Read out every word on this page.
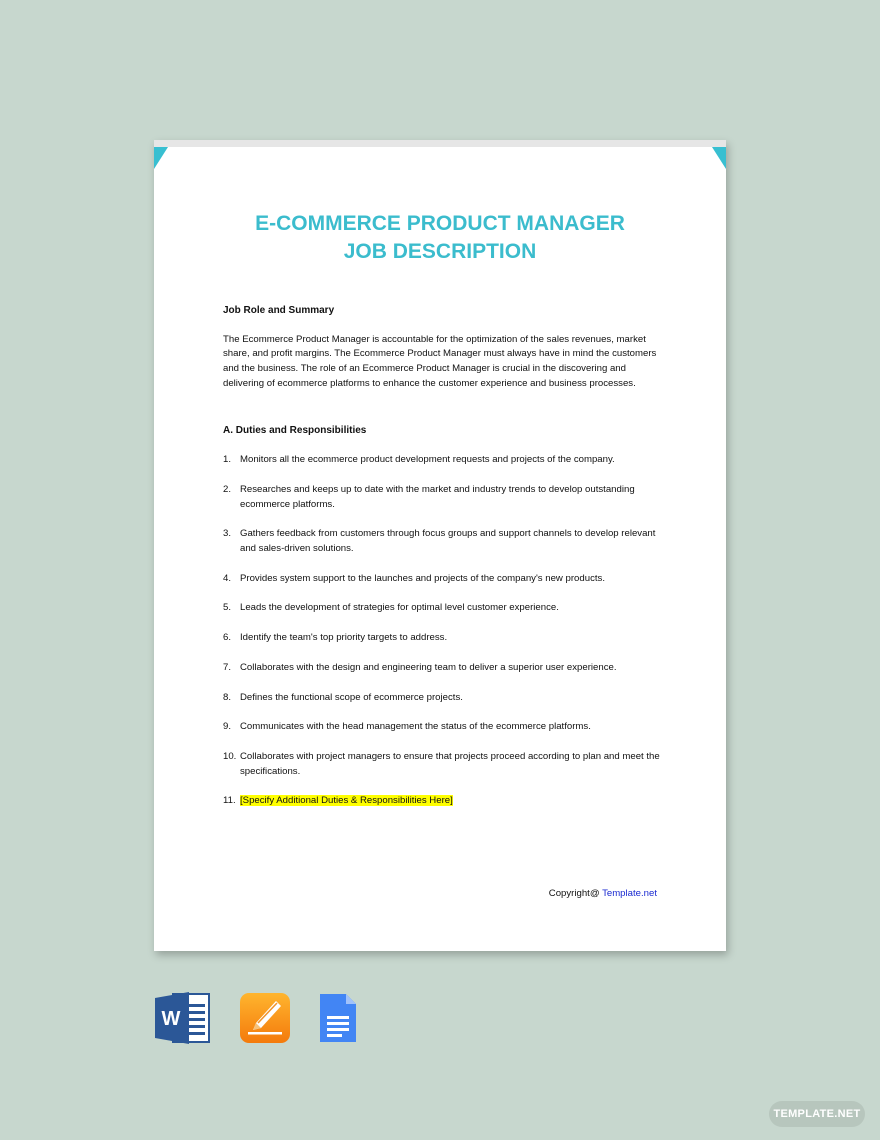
E-COMMERCE PRODUCT MANAGER
JOB DESCRIPTION

Job Role and Summary

The Ecommerce Product Manager is accountable for the optimization of the sales revenues, market share, and profit margins. The Ecommerce Product Manager must always have in mind the customers and the business. The role of an Ecommerce Product Manager is crucial in the discovering and delivering of ecommerce platforms to enhance the customer experience and business processes.

A. Duties and Responsibilities

1. Monitors all the ecommerce product development requests and projects of the company.
2. Researches and keeps up to date with the market and industry trends to develop outstanding ecommerce platforms.
3. Gathers feedback from customers through focus groups and support channels to develop relevant and sales-driven solutions.
4. Provides system support to the launches and projects of the company's new products.
5. Leads the development of strategies for optimal level customer experience.
6. Identify the team's top priority targets to address.
7. Collaborates with the design and engineering team to deliver a superior user experience.
8. Defines the functional scope of ecommerce projects.
9. Communicates with the head management the status of the ecommerce platforms.
10. Collaborates with project managers to ensure that projects proceed according to plan and meet the specifications.
11. [Specify Additional Duties & Responsibilities Here]
Copyright@ Template.net
W
TEMPLATE.NET
